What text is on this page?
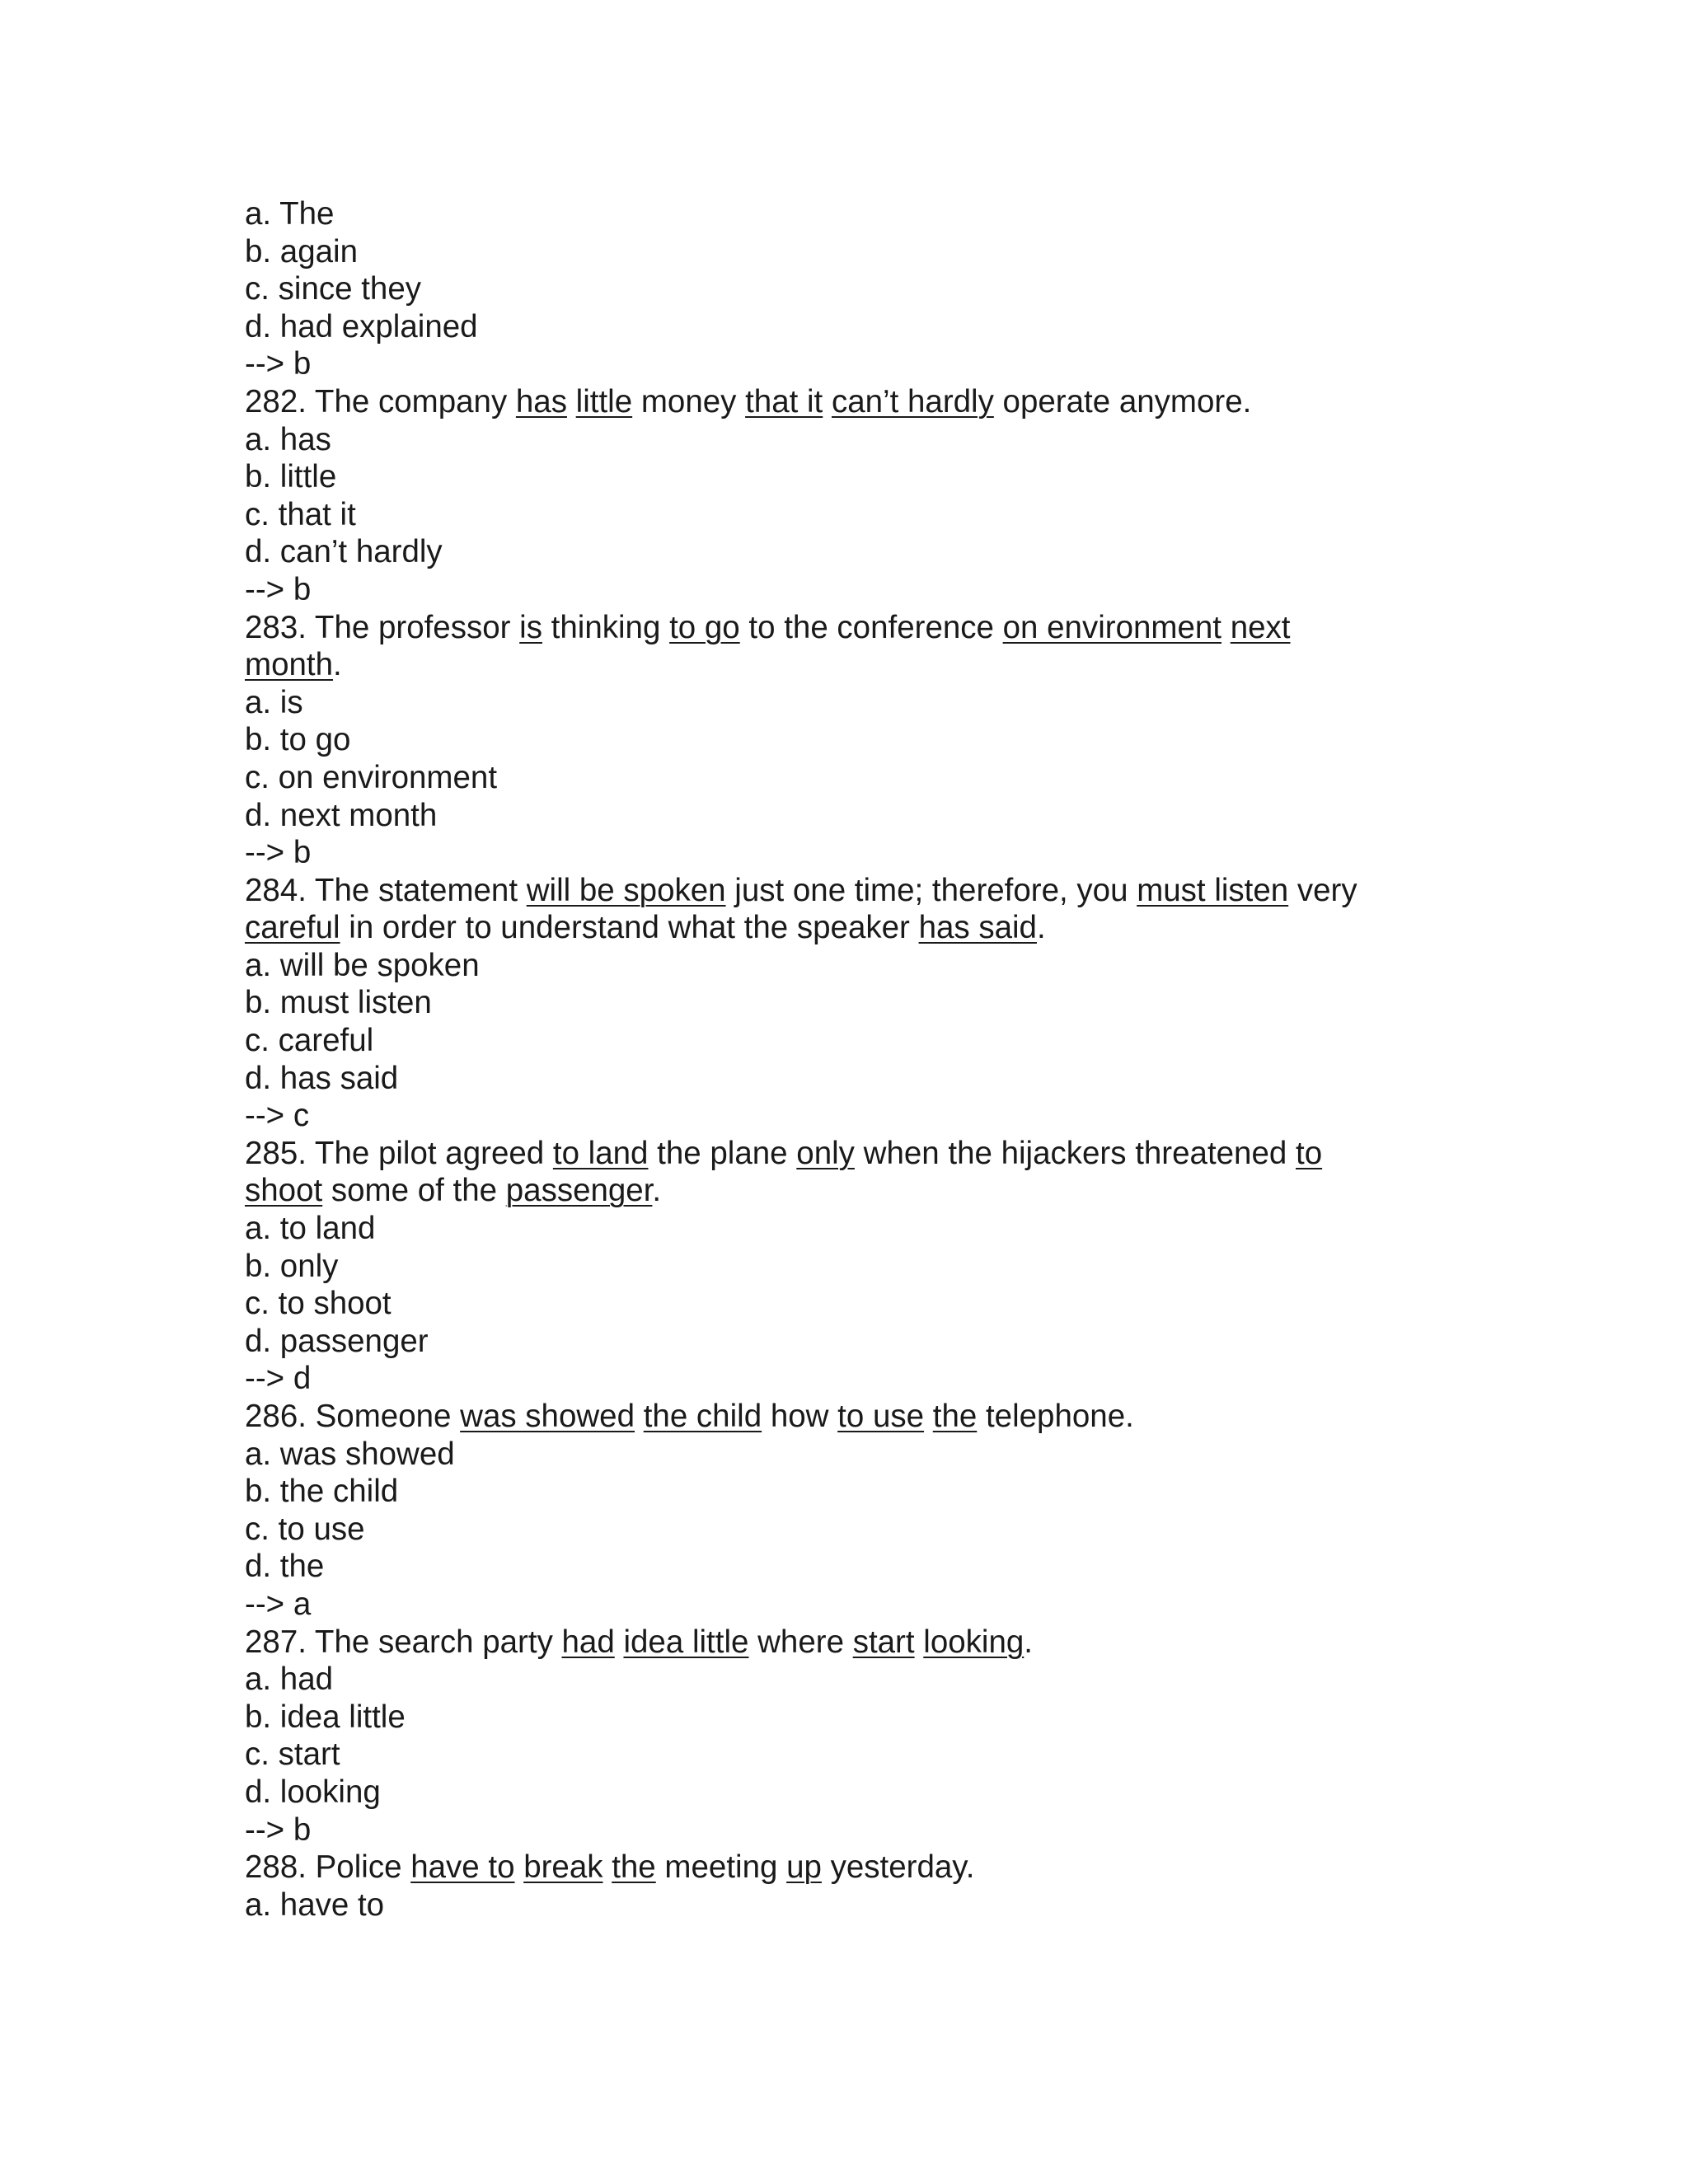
a. The
b. again
c. since they
d. had explained
--> b
282. The company has little money that it can’t hardly operate anymore.
a. has
b. little
c. that it
d. can’t hardly
--> b
283. The professor is thinking to go to the conference on environment next
month.
a. is
b. to go
c. on environment
d. next month
--> b
284. The statement will be spoken just one time; therefore, you must listen very
careful in order to understand what the speaker has said.
a. will be spoken
b. must listen
c. careful
d. has said
--> c
285. The pilot agreed to land the plane only when the hijackers threatened to
shoot some of the passenger.
a. to land
b. only
c. to shoot
d. passenger
--> d
286. Someone was showed the child how to use the telephone.
a. was showed
b. the child
c. to use
d. the
--> a
287. The search party had idea little where start looking.
a. had
b. idea little
c. start
d. looking
--> b
288. Police have to break the meeting up yesterday.
a. have to
